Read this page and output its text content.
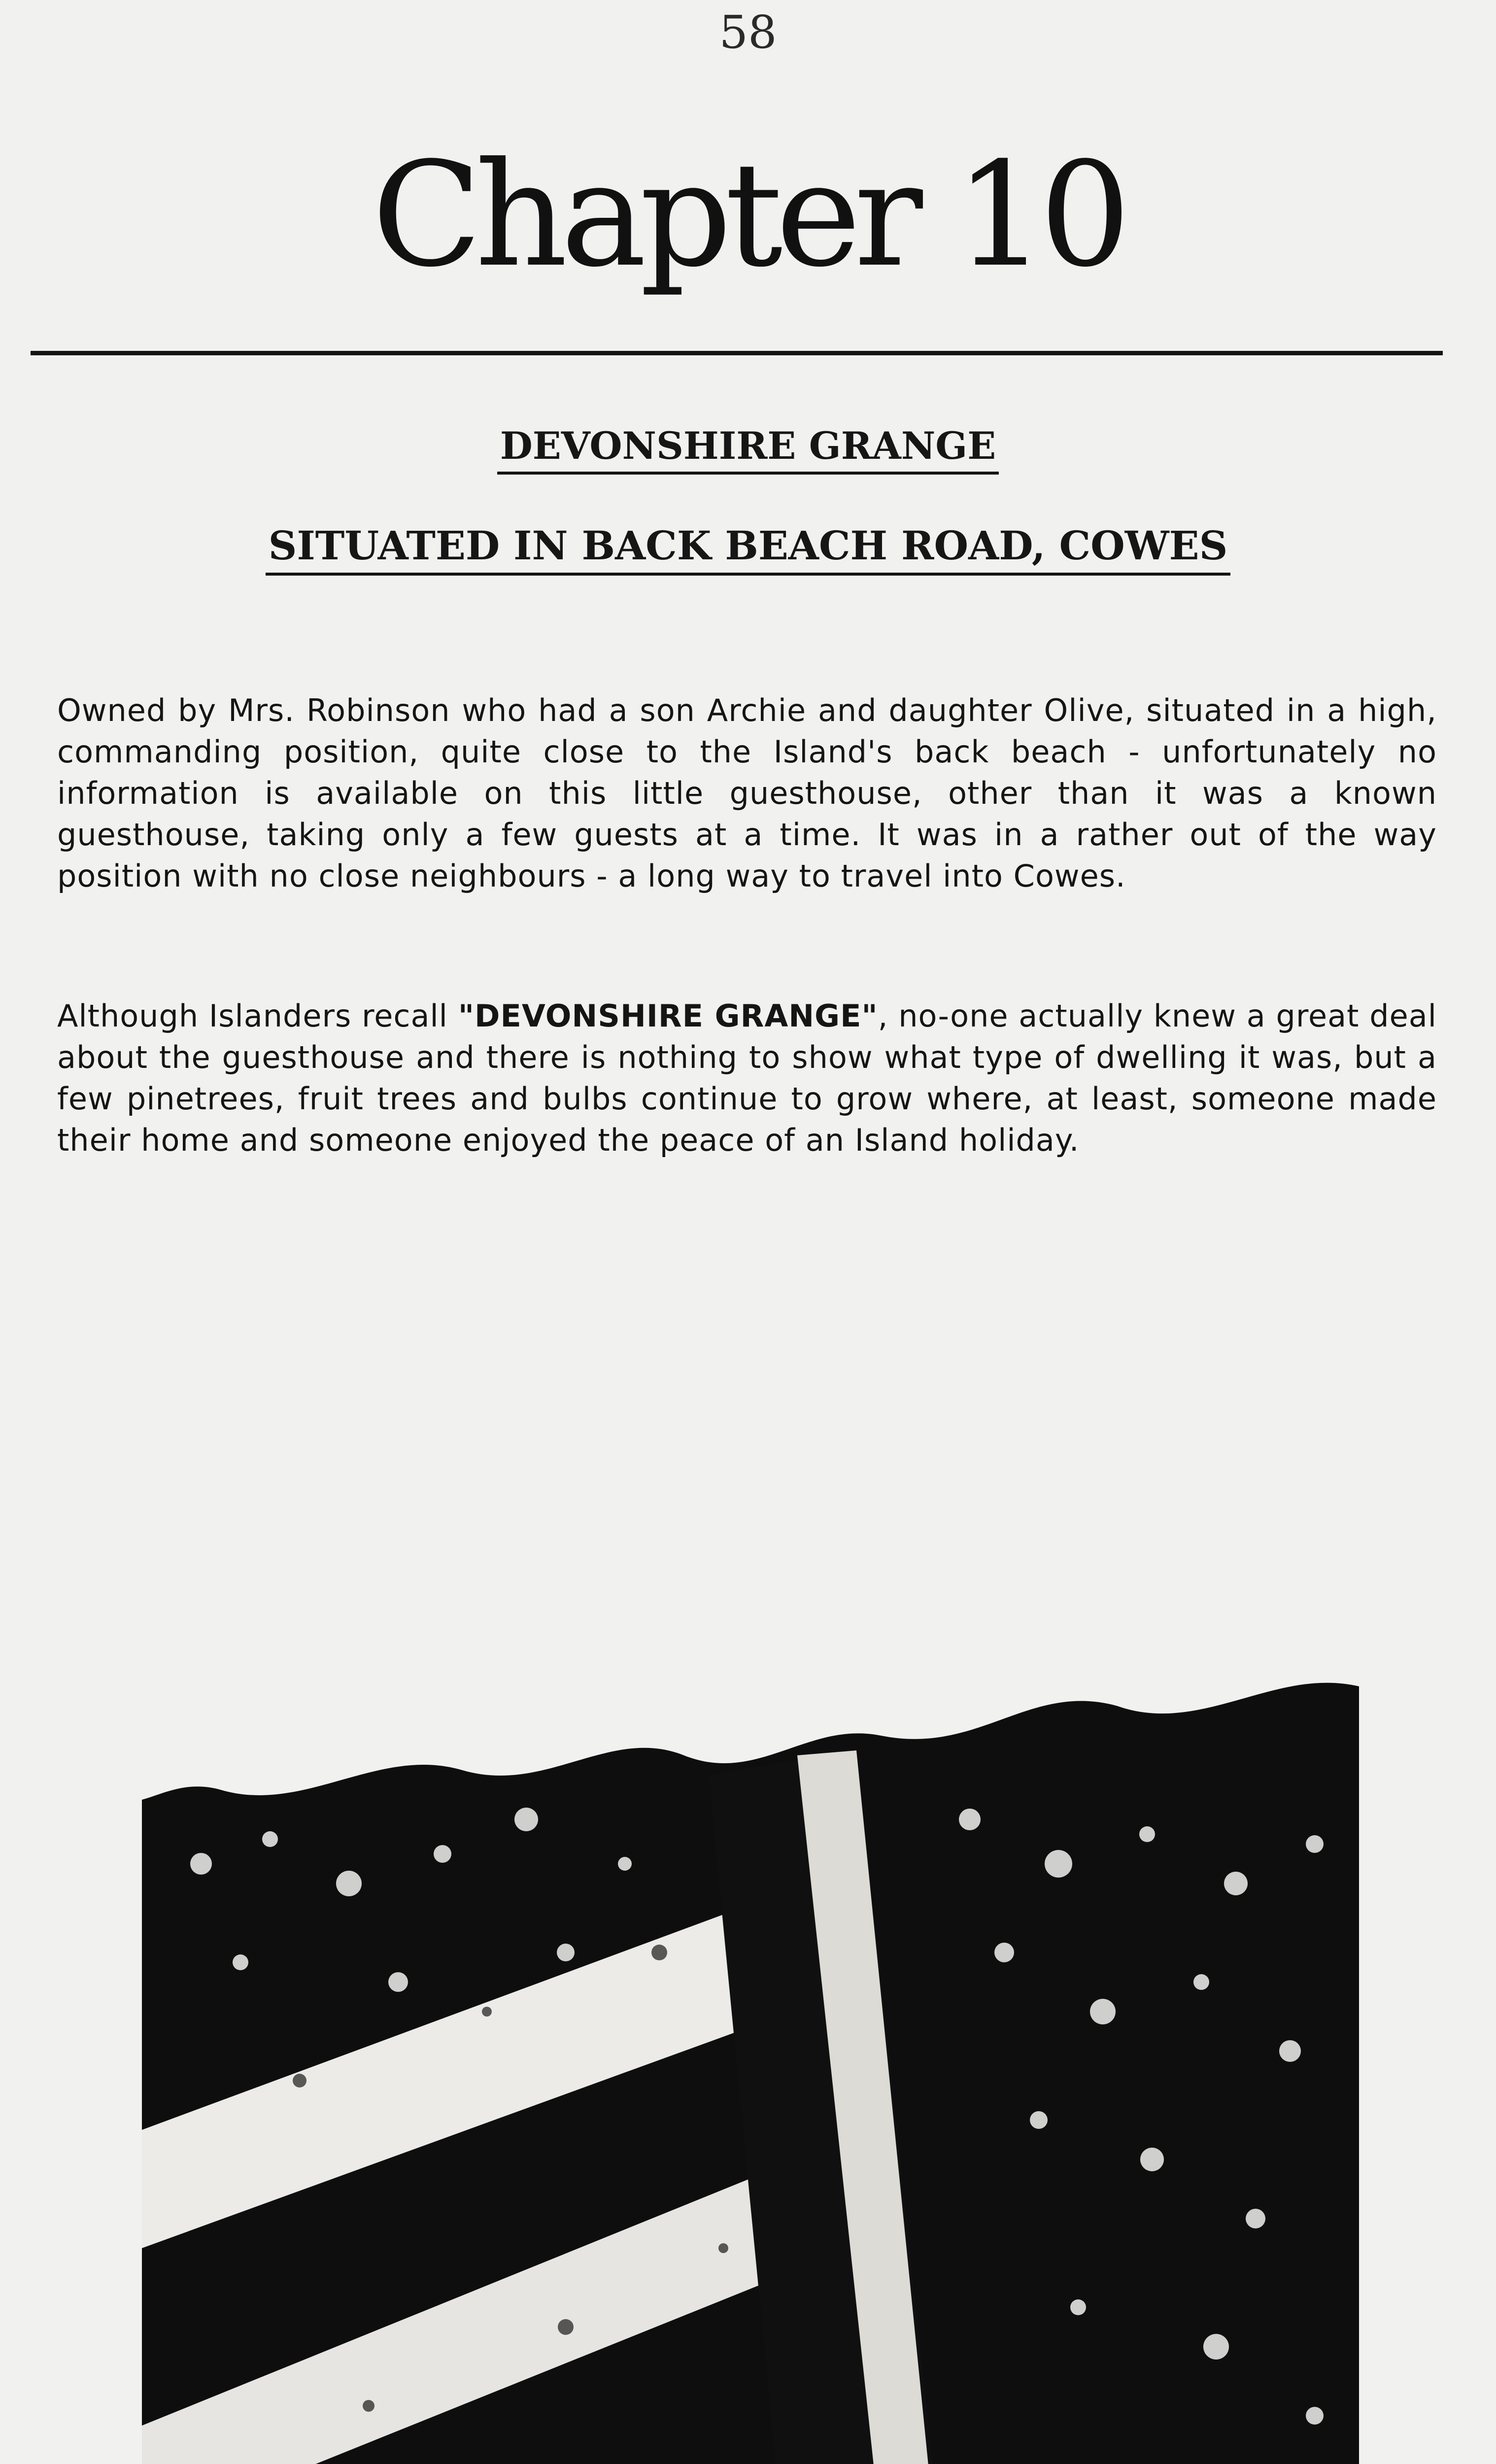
58
Chapter 10
DEVONSHIRE GRANGE
SITUATED IN BACK BEACH ROAD, COWES

Owned by Mrs. Robinson who had a son Archie and daughter Olive, situated in a high, commanding position, quite close to the Island's back beach - unfortunately no information is available on this little guesthouse, other than it was a known guesthouse, taking only a few guests at a time. It was in a rather out of the way position with no close neighbours - a long way to travel into Cowes.

Although Islanders recall "DEVONSHIRE GRANGE", no-one actually knew a great deal about the guesthouse and there is nothing to show what type of dwelling it was, but a few pinetrees, fruit trees and bulbs continue to grow where, at least, someone made their home and someone enjoyed the peace of an Island holiday.
